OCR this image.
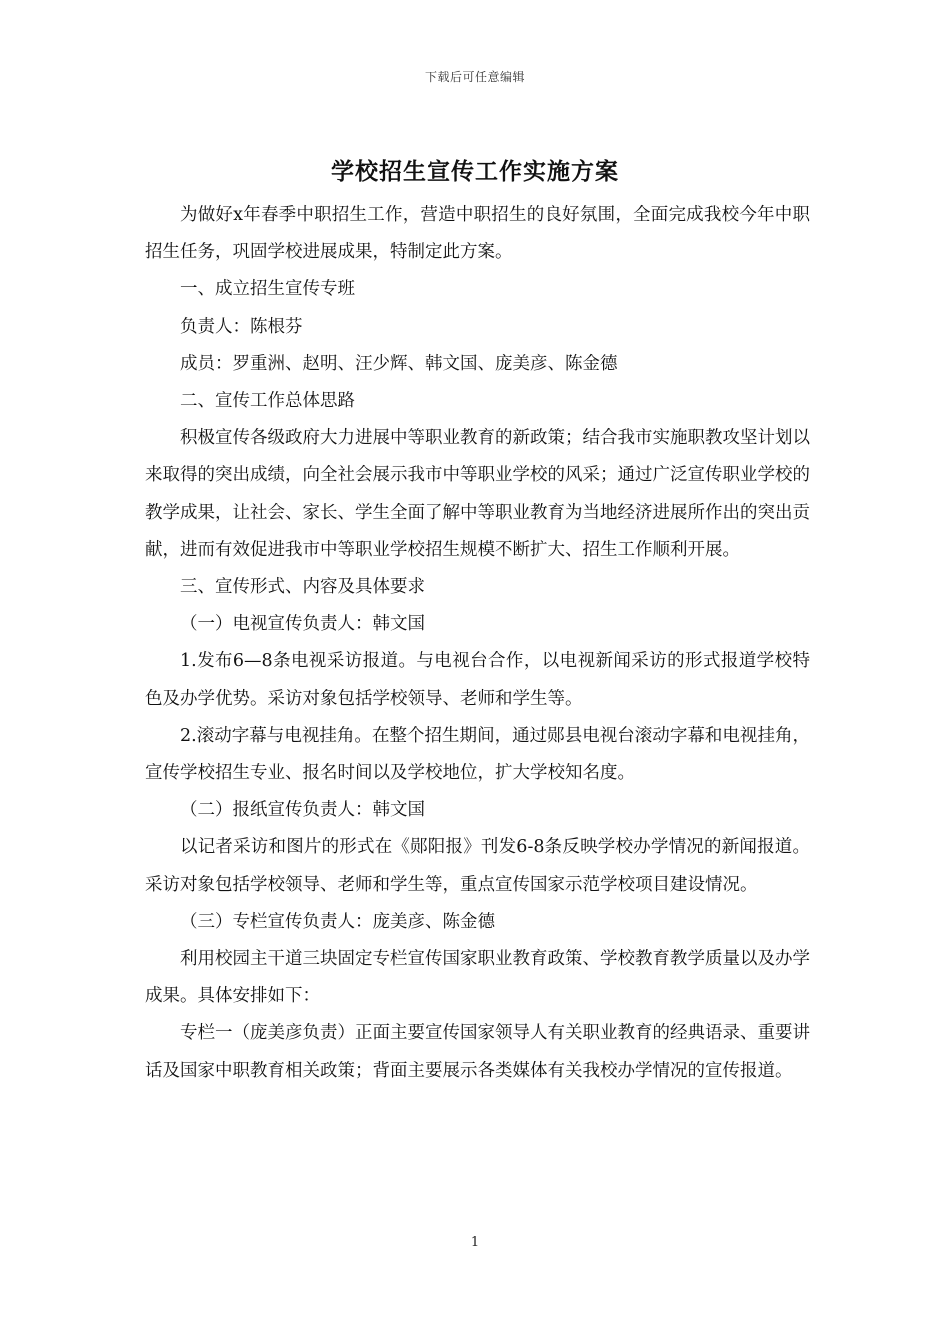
下载后可任意编辑
学校招生宣传工作实施方案

为做好x年春季中职招生工作，营造中职招生的良好氛围，全面完成我校今年中职招生任务，巩固学校进展成果，特制定此方案。

一、成立招生宣传专班

负责人：陈根芬

成员：罗重洲、赵明、汪少辉、韩文国、庞美彦、陈金德

二、宣传工作总体思路

积极宣传各级政府大力进展中等职业教育的新政策；结合我市实施职教攻坚计划以来取得的突出成绩，向全社会展示我市中等职业学校的风采；通过广泛宣传职业学校的教学成果，让社会、家长、学生全面了解中等职业教育为当地经济进展所作出的突出贡献，进而有效促进我市中等职业学校招生规模不断扩大、招生工作顺利开展。

三、宣传形式、内容及具体要求

（一）电视宣传负责人：韩文国

1.发布6—8条电视采访报道。与电视台合作，以电视新闻采访的形式报道学校特色及办学优势。采访对象包括学校领导、老师和学生等。

2.滚动字幕与电视挂角。在整个招生期间，通过郧县电视台滚动字幕和电视挂角，宣传学校招生专业、报名时间以及学校地位，扩大学校知名度。

（二）报纸宣传负责人：韩文国

以记者采访和图片的形式在《郧阳报》刊发6-8条反映学校办学情况的新闻报道。采访对象包括学校领导、老师和学生等，重点宣传国家示范学校项目建设情况。

（三）专栏宣传负责人：庞美彦、陈金德

利用校园主干道三块固定专栏宣传国家职业教育政策、学校教育教学质量以及办学成果。具体安排如下：

专栏一（庞美彦负责）正面主要宣传国家领导人有关职业教育的经典语录、重要讲话及国家中职教育相关政策；背面主要展示各类媒体有关我校办学情况的宣传报道。

1
